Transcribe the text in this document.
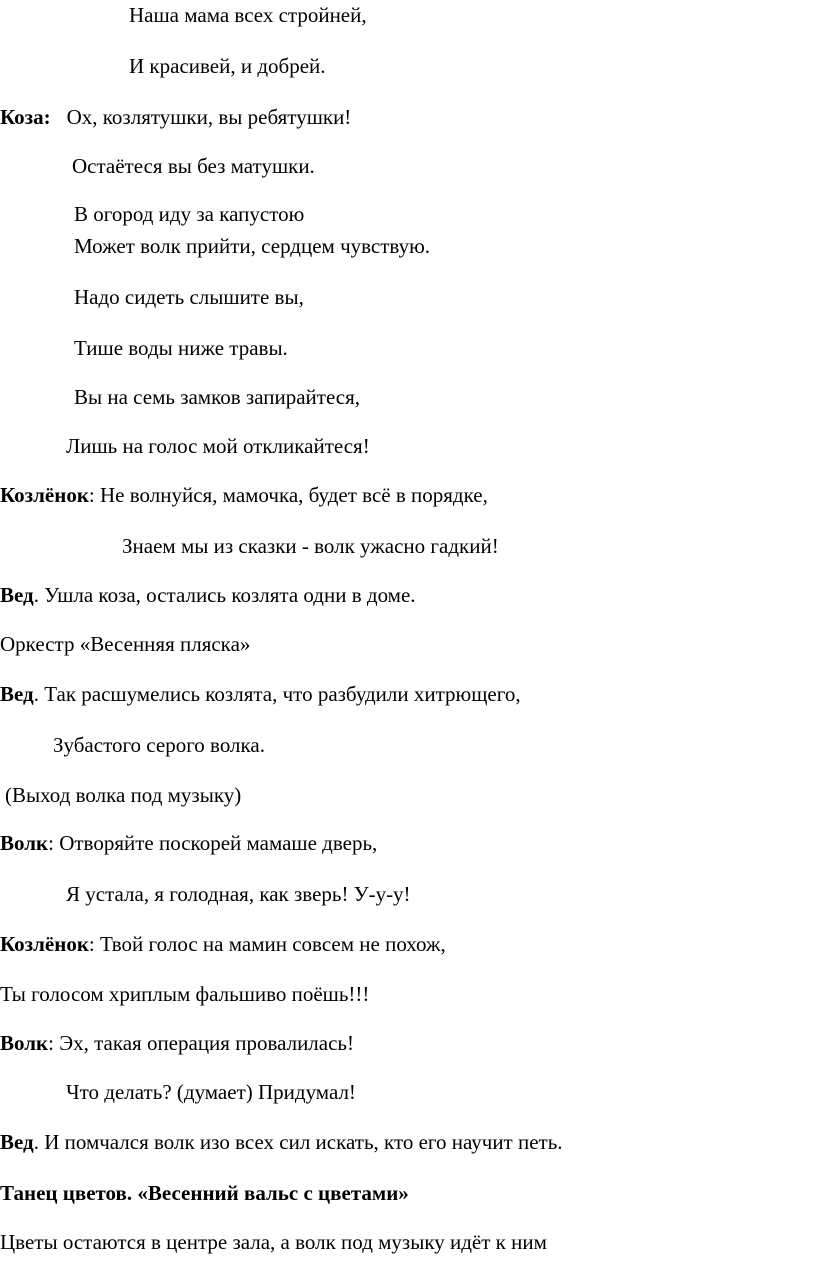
Наша мама всех стройней,
И красивей, и добрей.
Коза: Ох, козлятушки, вы ребятушки!
Остаётеся вы без матушки.
В огород иду за капустою
Может волк прийти, сердцем чувствую.
Надо сидеть слышите вы,
Тише воды ниже травы.
Вы на семь замков запирайтеся,
Лишь на голос мой откликайтеся!
Козлёнок: Не волнуйся, мамочка, будет всё в порядке,
Знаем мы из сказки - волк ужасно гадкий!
Вед. Ушла коза, остались козлята одни в доме.
Оркестр «Весенняя пляска»
Вед. Так расшумелись козлята, что разбудили хитрющего,
Зубастого серого волка.
(Выход волка под музыку)
Волк: Отворяйте поскорей мамаше дверь,
Я устала, я голодная, как зверь! У-у-у!
Козлёнок: Твой голос на мамин совсем не похож,
Ты голосом хриплым фальшиво поёшь!!!
Волк: Эх, такая операция провалилась!
Что делать? (думает) Придумал!
Вед. И помчался волк изо всех сил искать, кто его научит петь.
Танец цветов. «Весенний вальс с цветами»
Цветы остаются в центре зала, а волк под музыку идёт к ним
